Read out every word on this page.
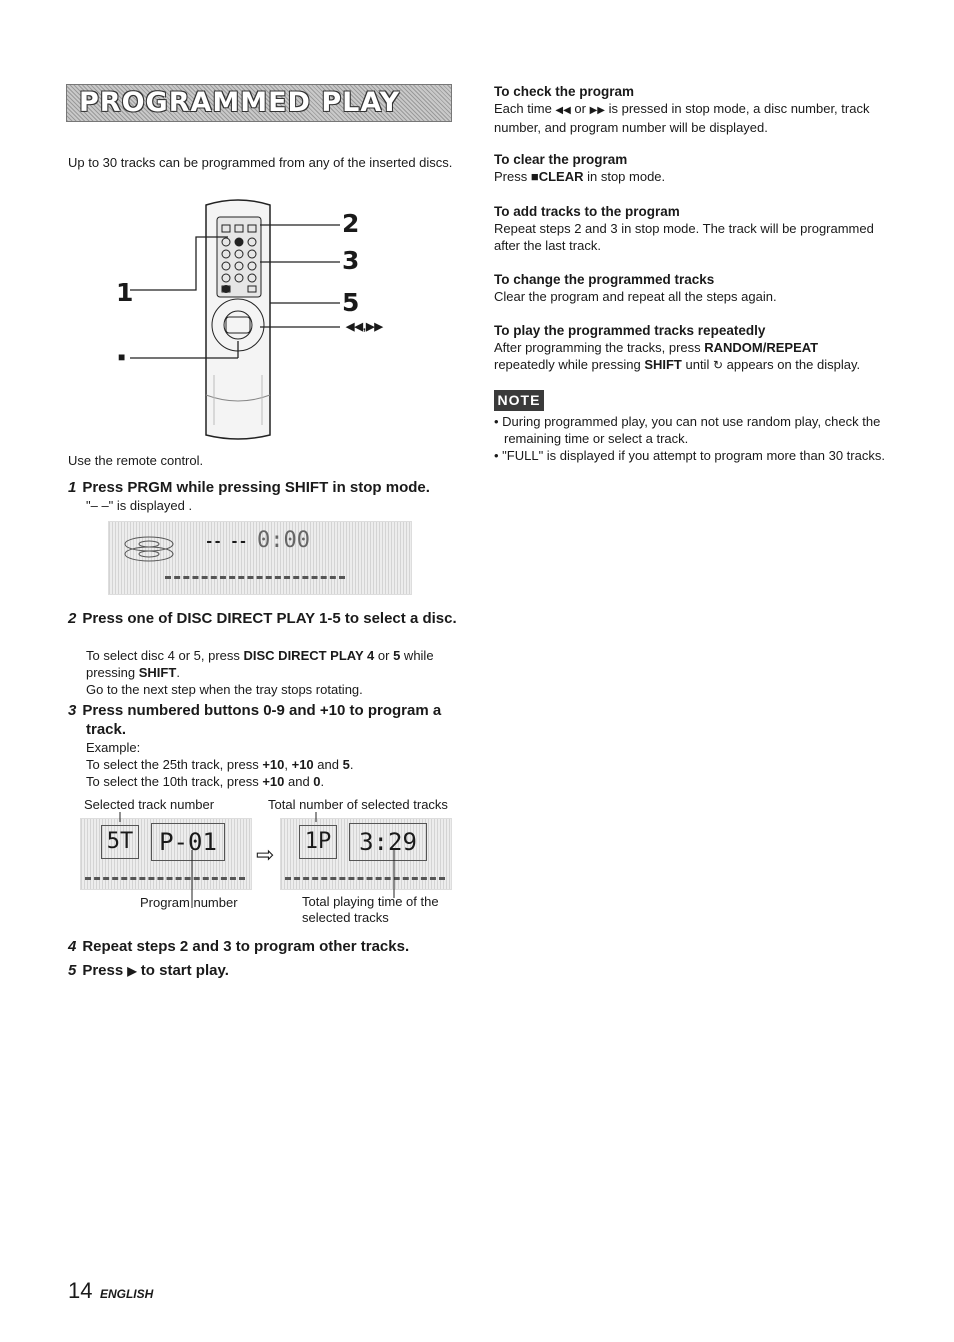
PROGRAMMED PLAY
Up to 30 tracks can be programmed from any of the inserted discs.
2
3
5
1
◀◀,▶▶
■
Use the remote control.
1 Press PRGM while pressing SHIFT in stop mode.
"– –" is displayed .
-- -- 0:00
2 Press one of DISC DIRECT PLAY 1-5 to select a disc.
To select disc 4 or 5, press DISC DIRECT PLAY 4 or 5 while pressing SHIFT.
Go to the next step when the tray stops rotating.
3 Press numbered buttons 0-9 and +10 to program a track.
Example:
To select the 25th track, press +10, +10 and 5.
To select the 10th track, press +10 and 0.
Selected track number	Total number of selected tracks
5T	P-01	⇨
1P	3:29
Program number	Total playing time of the selected tracks
4 Repeat steps 2 and 3 to program other tracks.
5 Press ▶ to start play.
To check the program
Each time ◀◀ or ▶▶ is pressed in stop mode, a disc number, track number, and program number will be displayed.
To clear the program
Press ■CLEAR in stop mode.
To add tracks to the program
Repeat steps 2 and 3 in stop mode. The track will be programmed after the last track.
To change the programmed tracks
Clear the program and repeat all the steps again.
To play the programmed tracks repeatedly
After programming the tracks, press RANDOM/REPEAT repeatedly while pressing SHIFT until ↻ appears on the display.
NOTE
• During programmed play, you can not use random play, check the remaining time or select a track.
• "FULL" is displayed if you attempt to program more than 30 tracks.
14 ENGLISH
